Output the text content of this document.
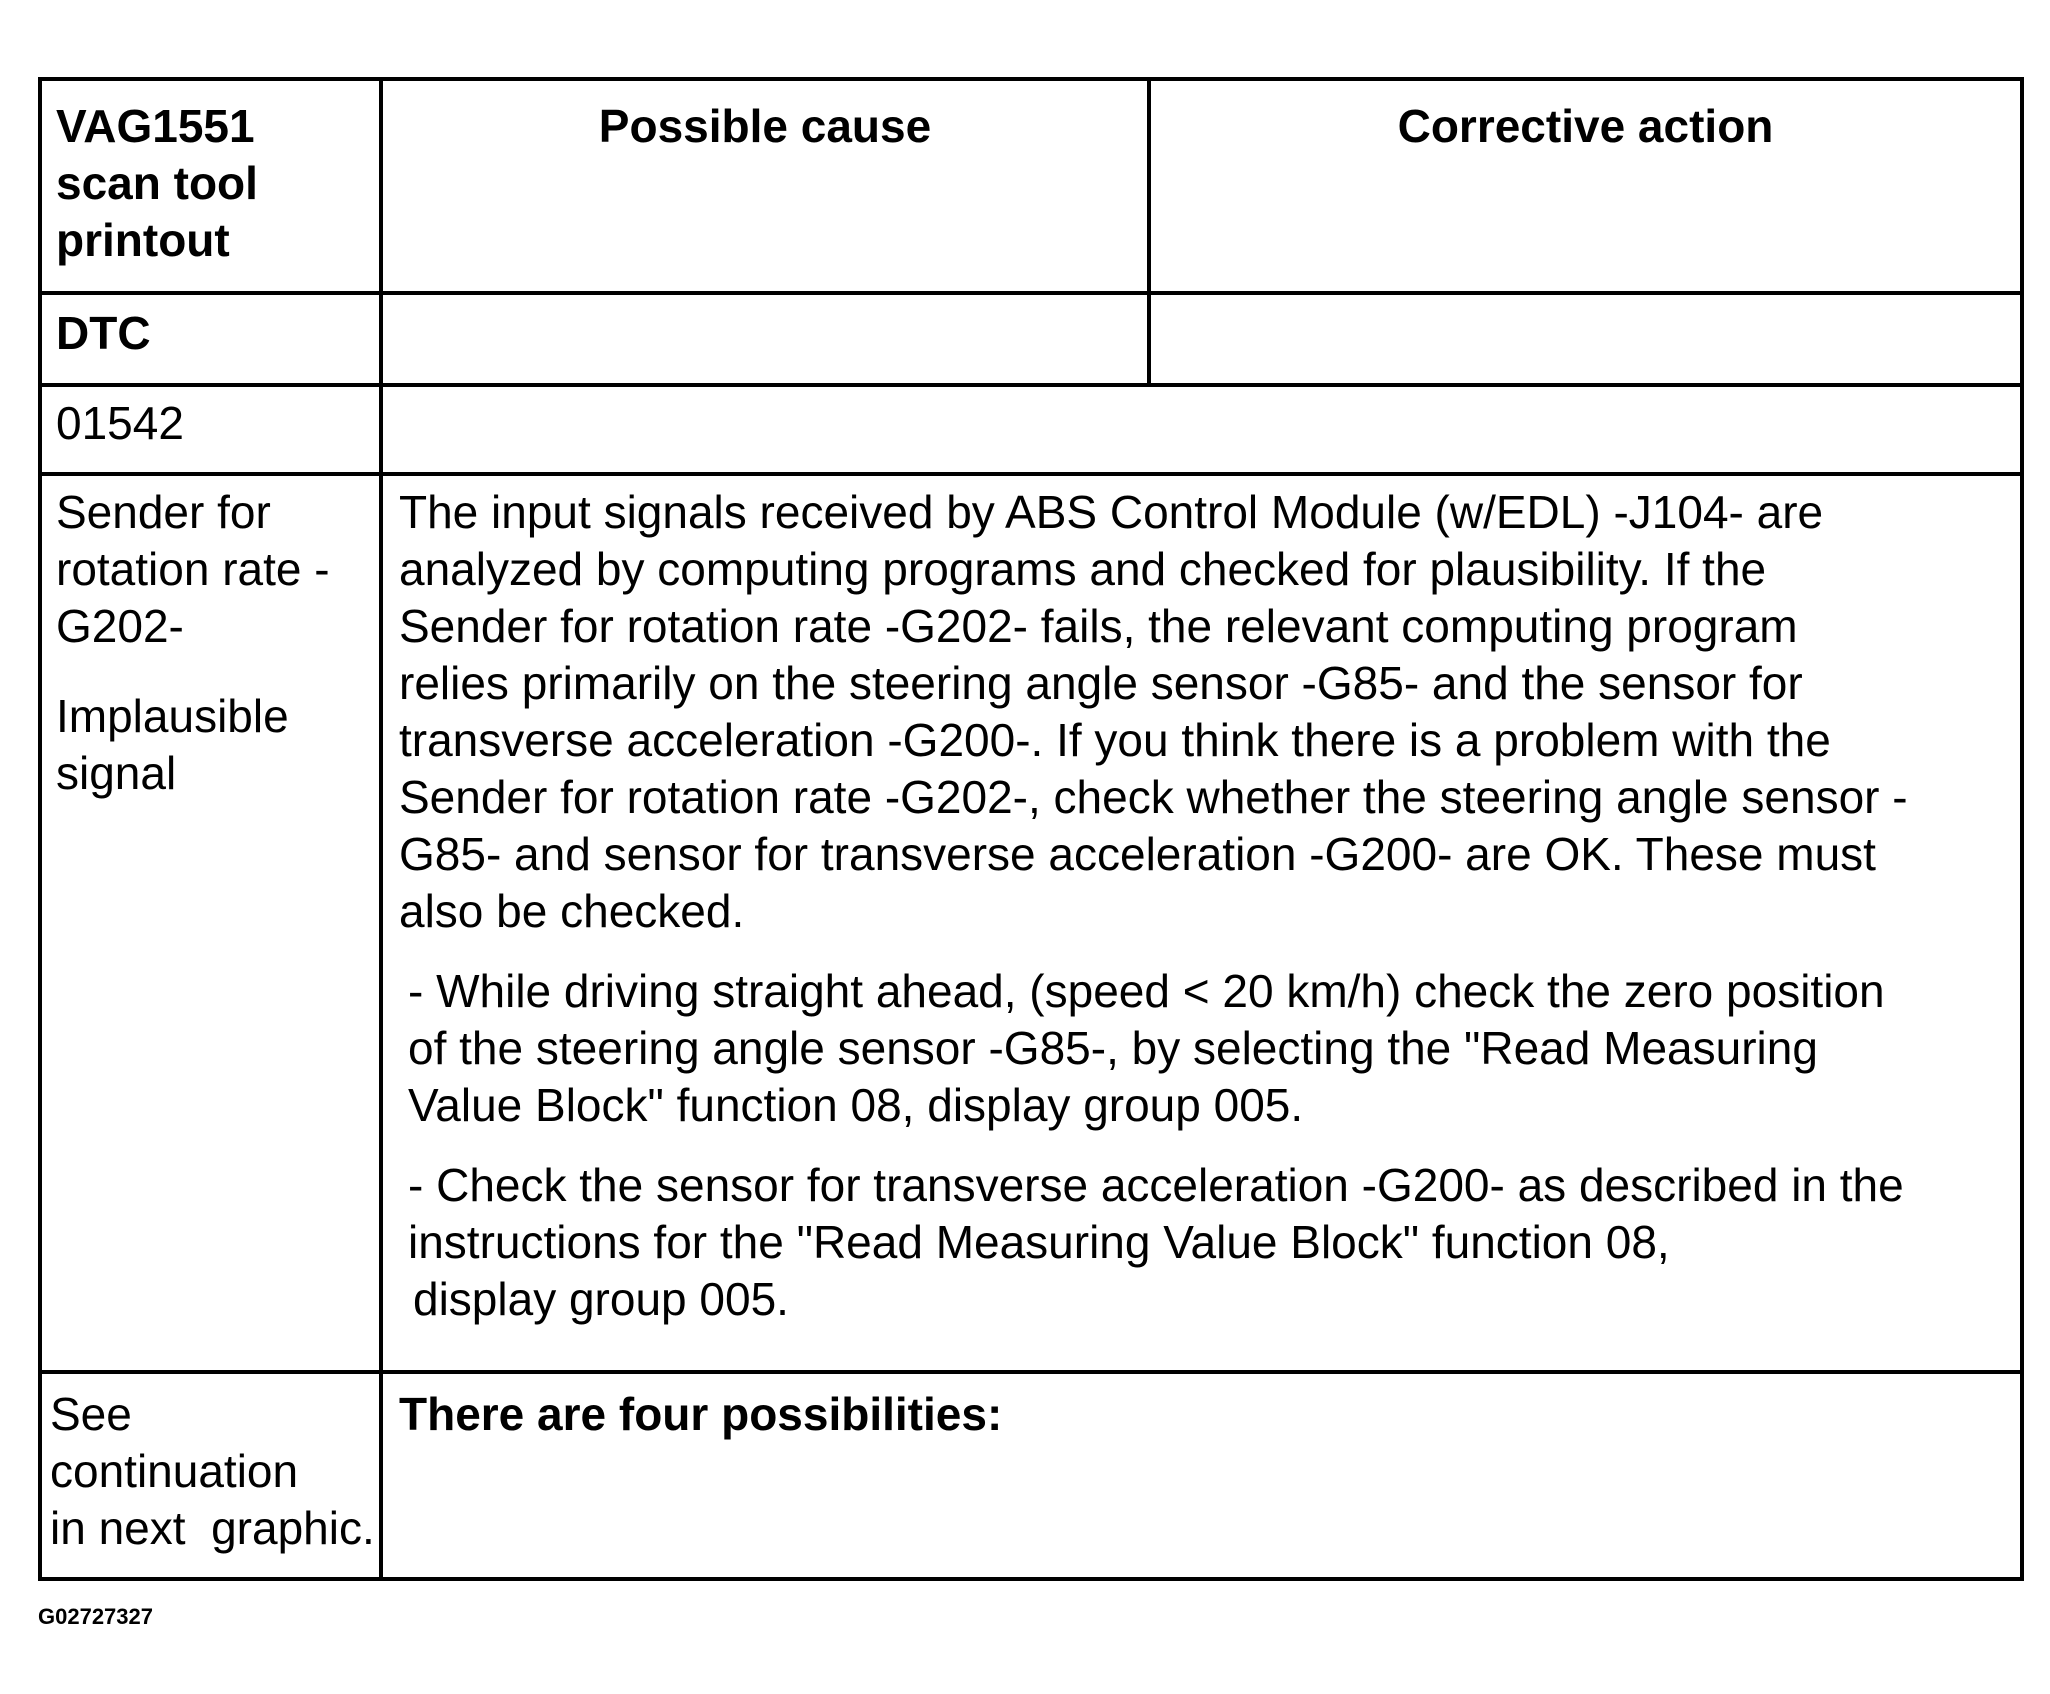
VAG1551
scan tool
printout
Possible cause	Corrective action
DTC
01542
Sender for
rotation rate -
G202-
Implausible
signal
The input signals received by ABS Control Module (w/EDL) -J104- are
analyzed by computing programs and checked for plausibility. If the
Sender for rotation rate -G202- fails, the relevant computing program
relies primarily on the steering angle sensor -G85- and the sensor for
transverse acceleration -G200-. If you think there is a problem with the
Sender for rotation rate -G202-, check whether the steering angle sensor -
G85- and sensor for transverse acceleration -G200- are OK. These must
also be checked.
- While driving straight ahead, (speed < 20 km/h) check the zero position
of the steering angle sensor -G85-, by selecting the "Read Measuring
Value Block" function 08, display group 005.
- Check the sensor for transverse acceleration -G200- as described in the
instructions for the "Read Measuring Value Block" function 08,
display group 005.
See
continuation
in next  graphic.
There are four possibilities:
G02727327
